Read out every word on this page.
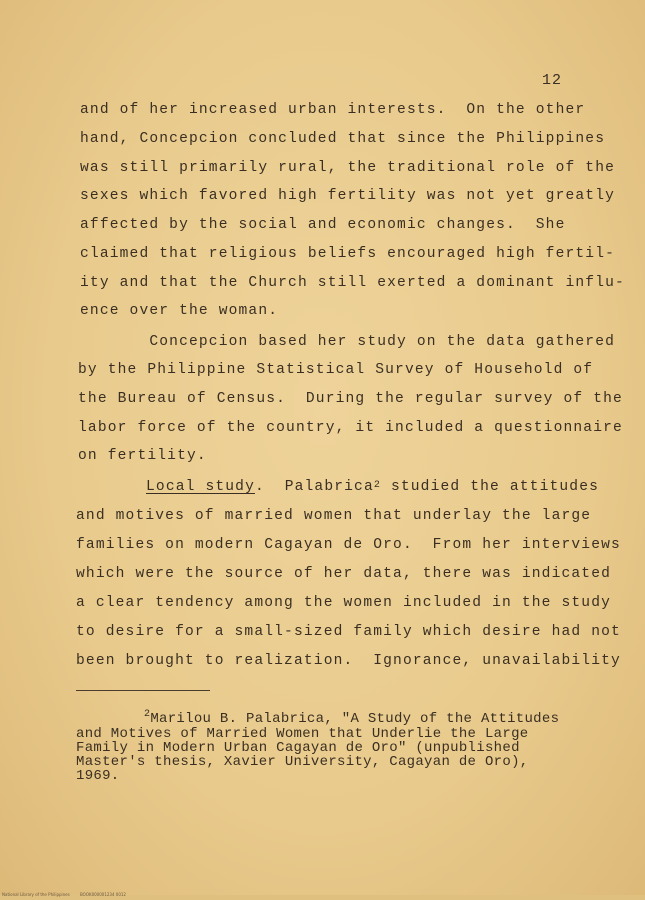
12
and of her increased urban interests.  On the other
hand, Concepcion concluded that since the Philippines
was still primarily rural, the traditional role of the
sexes which favored high fertility was not yet greatly
affected by the social and economic changes.  She
claimed that religious beliefs encouraged high fertil-
ity and that the Church still exerted a dominant influ-
ence over the woman.
Concepcion based her study on the data gathered
by the Philippine Statistical Survey of Household of
the Bureau of Census.  During the regular survey of the
labor force of the country, it included a questionnaire
on fertility.
Local study.  Palabrica$^2$ studied the attitudes
and motives of married women that underlay the large
families on modern Cagayan de Oro.  From her interviews
which were the source of her data, there was indicated
a clear tendency among the women included in the study
to desire for a small-sized family which desire had not
been brought to realization.  Ignorance, unavailability
$^2$Marilou B. Palabrica, "A Study of the Attitudes
and Motives of Married Women that Underlie the Large
Family in Modern Urban Cagayan de Oro" (unpublished
Master's thesis, Xavier University, Cagayan de Oro),
1969.
National Library of the Philippines	BOOK000001234 0012
